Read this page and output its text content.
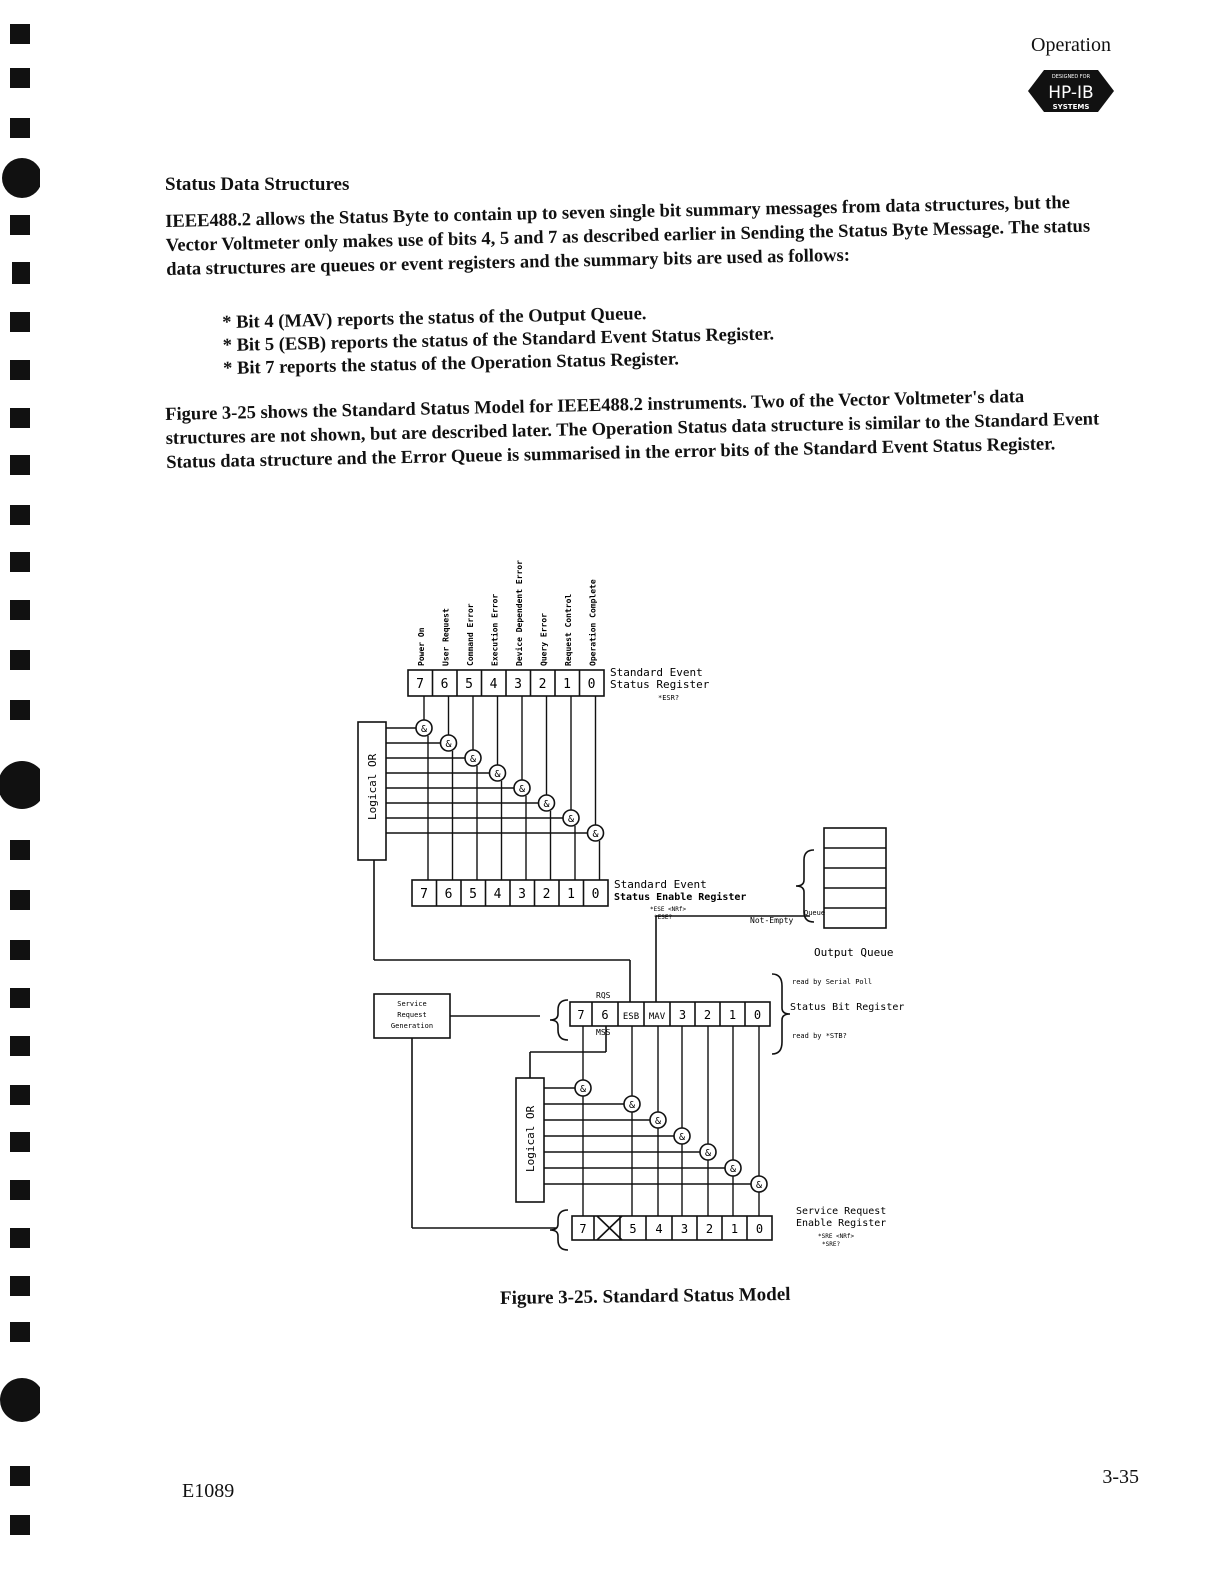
Operation
DESIGNED FOR
HP-IB
SYSTEMS
Status Data Structures
IEEE488.2 allows the Status Byte to contain up to seven single bit summary messages from data structures, but the Vector Voltmeter only makes use of bits 4, 5 and 7 as described earlier in Sending the Status Byte Message. The status data structures are queues or event registers and the summary bits are used as follows:
* Bit 4 (MAV) reports the status of the Output Queue.
* Bit 5 (ESB) reports the status of the Standard Event Status Register.
* Bit 7 reports the status of the Operation Status Register.
Figure 3-25 shows the Standard Status Model for IEEE488.2 instruments. Two of the Vector Voltmeter's data structures are not shown, but are described later. The Operation Status data structure is similar to the Standard Event Status data structure and the Error Queue is summarised in the error bits of the Standard Event Status Register.
7
Power On
6
User Request
5
Command Error
4
Execution Error
3
Device Dependent Error
2
Query Error
1
Request Control
0
Operation Complete
7 6 5 4 3 2 1 0
&
&
&
&
&
&
&
&
7 6 ESB MAV 3 2 1 0
7	5 4 3 2 1 0
&
&
&
&
&
&
&
Standard Event
Status Register
*ESR?
Standard Event
Status Enable Register
*ESE <NRf>
*ESE?
Queue
Not-Empty
Output Queue
Service
Request
Generation
RQS
MSS
read by Serial Poll
Status Bit Register
read by *STB?
Service Request
Enable Register
*SRE <NRf>
*SRE?
Logical OR
Logical OR
Figure 3-25. Standard Status Model
E1089
3-35
